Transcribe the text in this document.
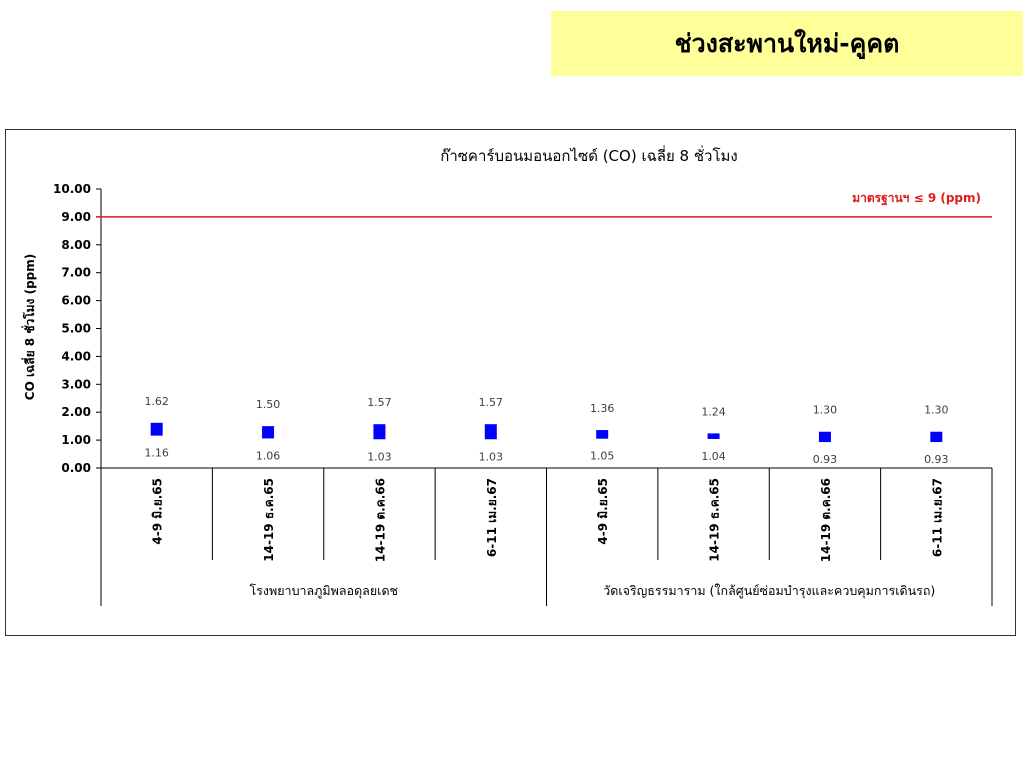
ช่วงสะพานใหม่-คูคต
ก๊าซคาร์บอนมอนอกไซด์ (CO) เฉลี่ย 8 ชั่วโมง
CO เฉลี่ย 8 ชั่วโมง (ppm)
0.00
1.00
2.00
3.00
4.00
5.00
6.00
7.00
8.00
9.00
10.00
มาตรฐานฯ ≤ 9 (ppm)
1.62
1.16
1.50
1.06
1.57
1.03
1.57
1.03
1.36
1.05
1.24
1.04
1.30
0.93
1.30
0.93
4-9 มิ.ย.65	14-19 ธ.ค.65	14-19 ต.ค.66	6-11 เม.ย.67	4-9 มิ.ย.65	14-19 ธ.ค.65	14-19 ต.ค.66	6-11 เม.ย.67
โรงพยาบาลภูมิพลอดุลยเดช	วัดเจริญธรรมาราม (ใกล้ศูนย์ซ่อมบำรุงและควบคุมการเดินรถ)
